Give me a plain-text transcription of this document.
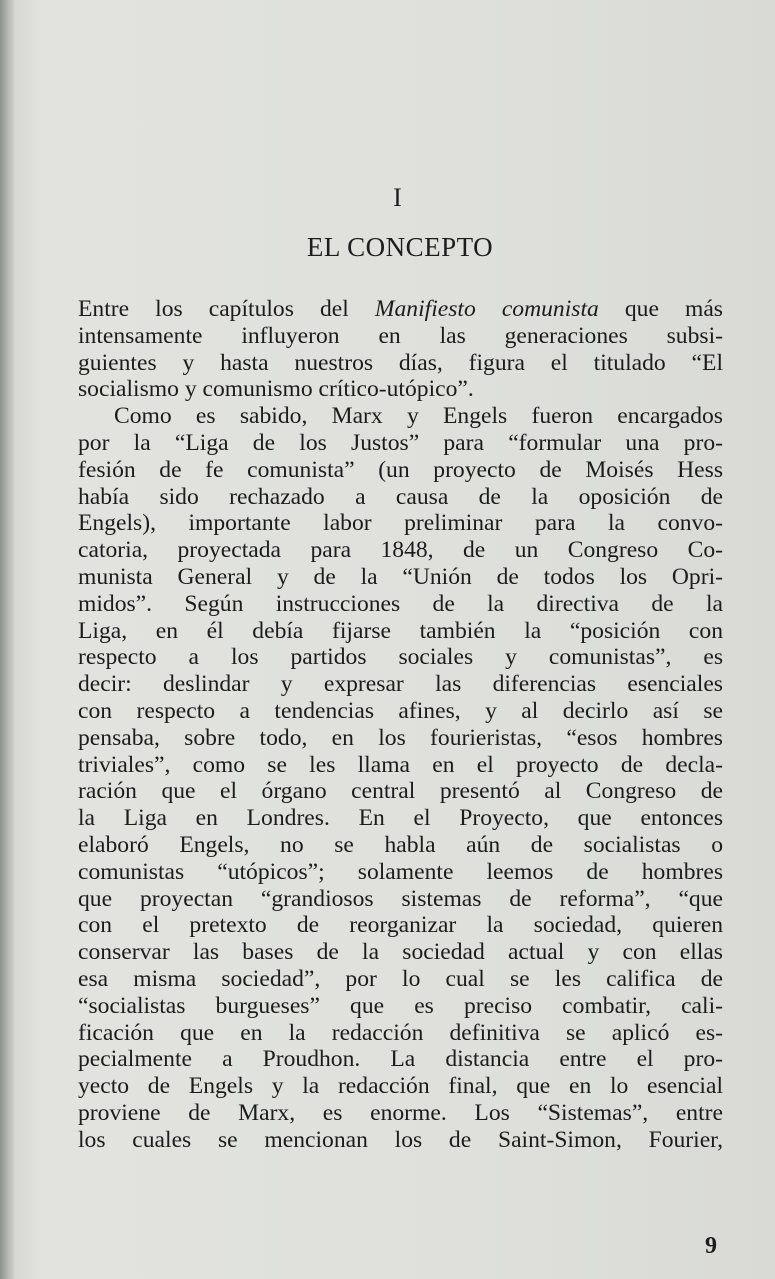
I
EL CONCEPTO
Entre los capítulos del Manifiesto comunista que más
intensamente influyeron en las generaciones subsi-
guientes y hasta nuestros días, figura el titulado “El
socialismo y comunismo crítico-utópico”.
Como es sabido, Marx y Engels fueron encargados
por la “Liga de los Justos” para “formular una pro-
fesión de fe comunista” (un proyecto de Moisés Hess
había sido rechazado a causa de la oposición de
Engels), importante labor preliminar para la convo-
catoria, proyectada para 1848, de un Congreso Co-
munista General y de la “Unión de todos los Opri-
midos”. Según instrucciones de la directiva de la
Liga, en él debía fijarse también la “posición con
respecto a los partidos sociales y comunistas”, es
decir: deslindar y expresar las diferencias esenciales
con respecto a tendencias afines, y al decirlo así se
pensaba, sobre todo, en los fourieristas, “esos hombres
triviales”, como se les llama en el proyecto de decla-
ración que el órgano central presentó al Congreso de
la Liga en Londres. En el Proyecto, que entonces
elaboró Engels, no se habla aún de socialistas o
comunistas “utópicos”; solamente leemos de hombres
que proyectan “grandiosos sistemas de reforma”, “que
con el pretexto de reorganizar la sociedad, quieren
conservar las bases de la sociedad actual y con ellas
esa misma sociedad”, por lo cual se les califica de
“socialistas burgueses” que es preciso combatir, cali-
ficación que en la redacción definitiva se aplicó es-
pecialmente a Proudhon. La distancia entre el pro-
yecto de Engels y la redacción final, que en lo esencial
proviene de Marx, es enorme. Los “Sistemas”, entre
los cuales se mencionan los de Saint-Simon, Fourier,
9
